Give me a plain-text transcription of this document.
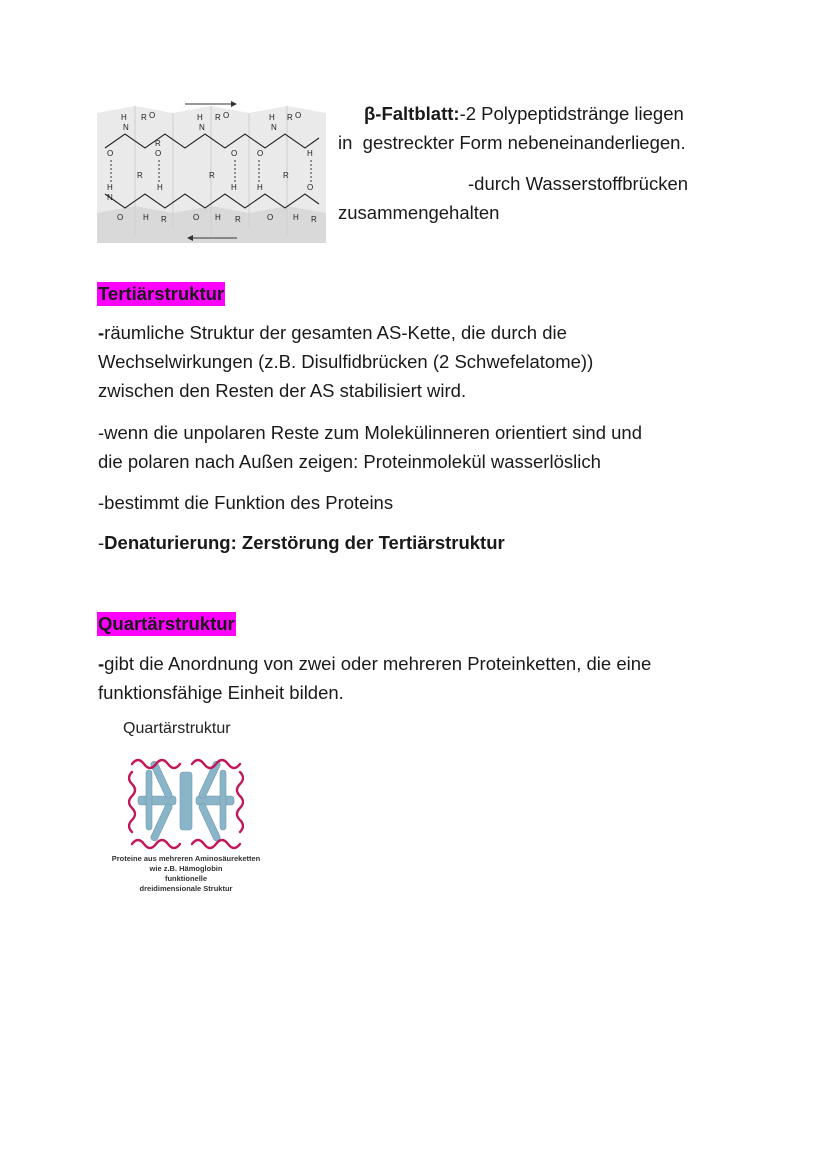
H
N
R O
O
H
N
O
R
H
H
N
R O
O
H
O
H
H
N
R O
H
O
O H R	O H R	O H R
R	R	R
β-Faltblatt:-2 Polypeptidstränge liegen
in  gestreckter Form nebeneinanderliegen.
-durch Wasserstoffbrücken
zusammengehalten
Tertiärstruktur
-räumliche Struktur der gesamten AS-Kette, die durch die
Wechselwirkungen (z.B. Disulfidbrücken (2 Schwefelatome))
zwischen den Resten der AS stabilisiert wird.
-wenn die unpolaren Reste zum Molekülinneren orientiert sind und
die polaren nach Außen zeigen: Proteinmolekül wasserlöslich
-bestimmt die Funktion des Proteins
-Denaturierung: Zerstörung der Tertiärstruktur
Quartärstruktur
-gibt die Anordnung von zwei oder mehreren Proteinketten, die eine
funktionsfähige Einheit bilden.
Quartärstruktur
Proteine aus mehreren Aminosäureketten
wie z.B. Hämoglobin
funktionelle
dreidimensionale Struktur
